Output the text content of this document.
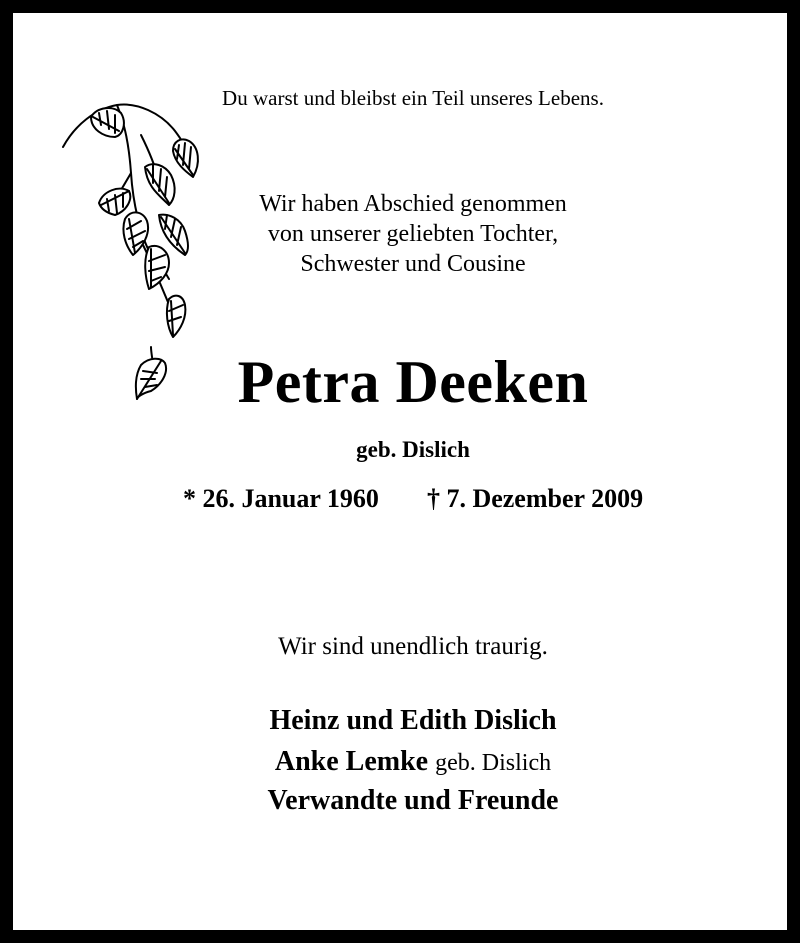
Du warst und bleibst ein Teil unseres Lebens.
Wir haben Abschied genommen
von unserer geliebten Tochter,
Schwester und Cousine
Petra Deeken
geb. Dislich
* 26. Januar 1960 † 7. Dezember 2009
Wir sind unendlich traurig.
Heinz und Edith Dislich
Anke Lemke geb. Dislich
Verwandte und Freunde
